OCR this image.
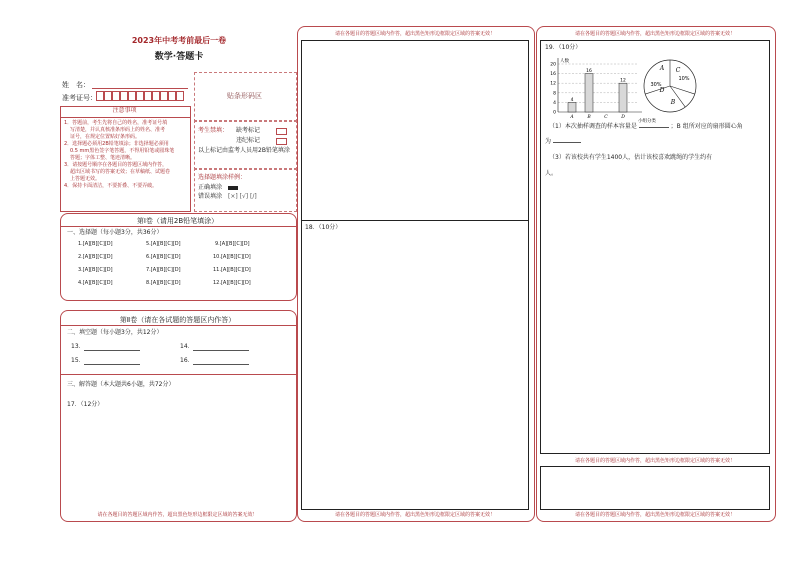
2023年中考考前最后一卷
数学·答题卡
姓　名：
准考证号：	贴条形码区
注意事项
1．答题前，考生先将自己的姓名，准考证号填
写清楚，并认真核准条形码上的姓名、准考
证号，在规定位置贴好条形码。
2．选择题必须用2B铅笔填涂；非选择题必须用
0.5 mm黑色签字笔答题，不得用铅笔或圆珠笔
答题；字体工整、笔迹清晰。
3．请按题号顺序在各题目的答题区域内作答，
超出区域书写的答案无效；在草稿纸、试题卷
上答题无效。
4．保持卡面清洁，不要折叠、不要弄破。
考生禁填： 缺考标记
违纪标记
以上标记由监考人员用2B铅笔填涂
选择题填涂样例：
正确填涂
错误填涂 [×] [√] [/]
第Ⅰ卷（请用2B铅笔填涂）
一、选择题（每小题3分，共36分）
1.[A][B][C][D]	5.[A][B][C][D]	9.[A][B][C][D]
2.[A][B][C][D]	6.[A][B][C][D]	10.[A][B][C][D]
3.[A][B][C][D]	7.[A][B][C][D]	11.[A][B][C][D]
4.[A][B][C][D]	8.[A][B][C][D]	12.[A][B][C][D]
第Ⅱ卷（请在各试题的答题区内作答）
二、填空题（每小题3分，共12分）
13．	14．
15．	16．
三、解答题（本大题共6小题，共72分）
17．（12分）
请在各题目的答题区域内作答，超出黑色矩形边框限定区域的答案无效！
请在各题目的答题区域内作答，超出黑色矩形边框限定区域的答案无效！
18．（10分）
请在各题目的答题区域内作答，超出黑色矩形边框限定区域的答案无效！
请在各题目的答题区域内作答，超出黑色矩形边框限定区域的答案无效！
19．（10分）
0
4
8
12
16
20
人数
小组分类
4
A
16
B	C
12
D
A
B
C
D
30%
10%
（1）本次抽样调查的样本容量是	；B 组所对应的扇形圆心角
为
（3）若该校共有学生1400人，估计该校喜欢跳绳的学生约有
人。
请在各题目的答题区域内作答，超出黑色矩形边框限定区域的答案无效！
请在各题目的答题区域内作答，超出黑色矩形边框限定区域的答案无效！
